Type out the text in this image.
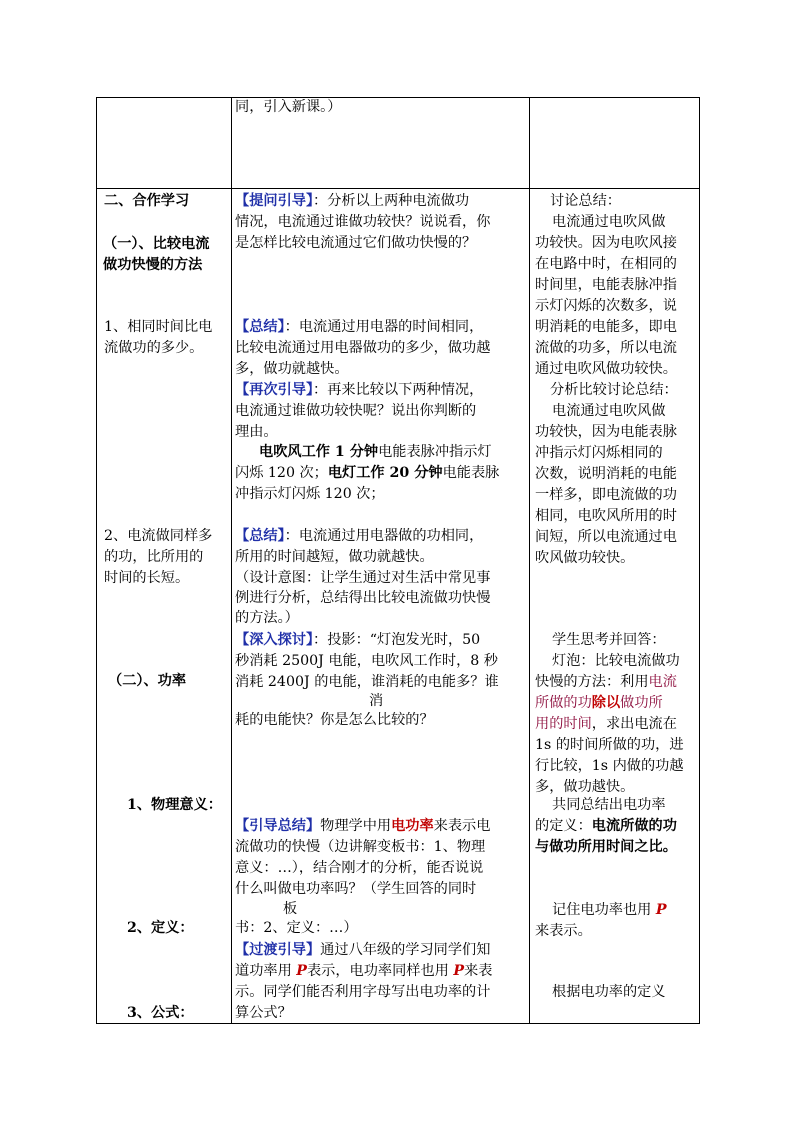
二、合作学习
（一）、比较电流
做功快慢的方法
1、相同时间比电
流做功的多少。
2、电流做同样多
的功，比所用的
时间的长短。
（二）、功率
1、物理意义：
2、定义：
3、公式：
同，引入新课。）
【提问引导】：分析以上两种电流做功
情况，电流通过谁做功较快？说说看，你
是怎样比较电流通过它们做功快慢的？
【总结】：电流通过用电器的时间相同，
比较电流通过用电器做功的多少，做功越
多，做功就越快。
【再次引导】：再来比较以下两种情况，
电流通过谁做功较快呢？说出你判断的
理由。
电吹风工作 1 分钟电能表脉冲指示灯
闪烁 120 次；电灯工作 20 分钟电能表脉
冲指示灯闪烁 120 次；
【总结】：电流通过用电器做的功相同，
所用的时间越短，做功就越快。
（设计意图：让学生通过对生活中常见事
例进行分析，总结得出比较电流做功快慢
的方法。）
【深入探讨】：投影：“灯泡发光时，50
秒消耗 2500J 电能，电吹风工作时，8 秒
消耗 2400J 的电能，谁消耗的电能多？谁
消
耗的电能快？你是怎么比较的？
【引导总结】物理学中用电功率来表示电
流做功的快慢（边讲解变板书：1、物理
意义：…），结合刚才的分析，能否说说
什么叫做电功率吗？（学生回答的同时
板
书：2、定义：…）
【过渡引导】通过八年级的学习同学们知
道功率用 P表示，电功率同样也用 P来表
示。同学们能否利用字母写出电功率的计
算公式？
讨论总结：
电流通过电吹风做
功较快。因为电吹风接
在电路中时，在相同的
时间里，电能表脉冲指
示灯闪烁的次数多，说
明消耗的电能多，即电
流做的功多，所以电流
通过电吹风做功较快。
分析比较讨论总结：
电流通过电吹风做
功较快，因为电能表脉
冲指示灯闪烁相同的
次数，说明消耗的电能
一样多，即电流做的功
相同，电吹风所用的时
间短，所以电流通过电
吹风做功较快。
学生思考并回答：
灯泡：比较电流做功
快慢的方法：利用电流
所做的功除以做功所
用的时间，求出电流在
1s 的时间所做的功，进
行比较，1s 内做的功越
多，做功越快。
共同总结出电功率
的定义：电流所做的功
与做功所用时间之比。
记住电功率也用 P
来表示。
根据电功率的定义
